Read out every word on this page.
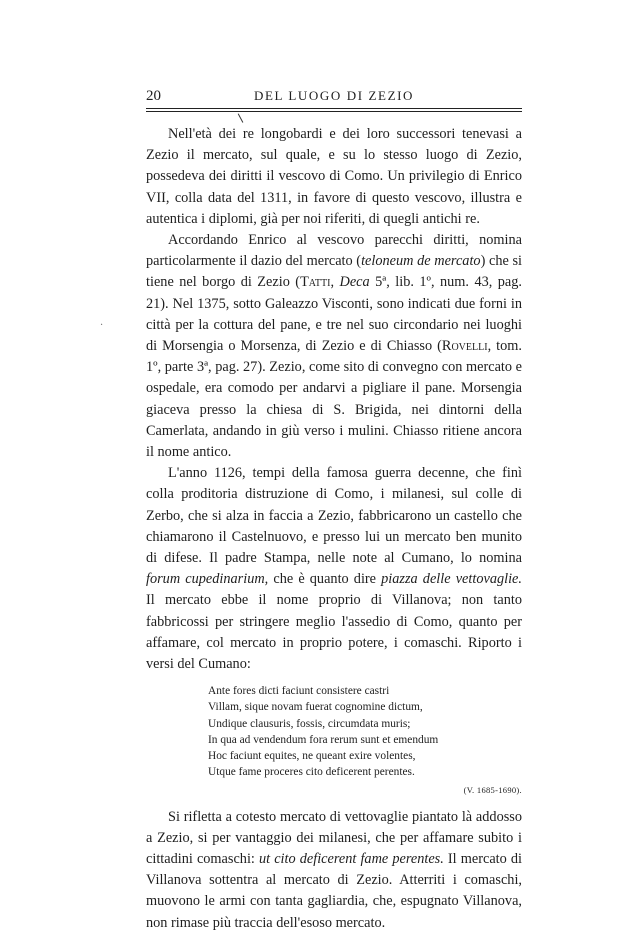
20	DEL LUOGO DI ZEZIO
·

Nell'età dei re longobardi e dei loro successori tenevasi a Zezio il mercato, sul quale, e su lo stesso luogo di Zezio, possedeva dei diritti il vescovo di Como. Un privilegio di Enrico VII, colla data del 1311, in favore di questo vescovo, illustra e autentica i diplomi, già per noi riferiti, di quegli antichi re.

Accordando Enrico al vescovo parecchi diritti, nomina particolarmente il dazio del mercato (teloneum de mercato) che si tiene nel borgo di Zezio (Tatti, Deca 5ª, lib. 1º, num. 43, pag. 21). Nel 1375, sotto Galeazzo Visconti, sono indicati due forni in città per la cottura del pane, e tre nel suo circondario nei luoghi di Morsengia o Morsenza, di Zezio e di Chiasso (Rovelli, tom. 1º, parte 3ª, pag. 27). Zezio, come sito di convegno con mercato e ospedale, era comodo per andarvi a pigliare il pane. Morsengia giaceva presso la chiesa di S. Brigida, nei dintorni della Camerlata, andando in giù verso i mulini. Chiasso ritiene ancora il nome antico.

L'anno 1126, tempi della famosa guerra decenne, che finì colla proditoria distruzione di Como, i milanesi, sul colle di Zerbo, che si alza in faccia a Zezio, fabbricarono un castello che chiamarono il Castelnuovo, e presso lui un mercato ben munito di difese. Il padre Stampa, nelle note al Cumano, lo nomina forum cupedinarium, che è quanto dire piazza delle vettovaglie. Il mercato ebbe il nome proprio di Villanova; non tanto fabbricossi per stringere meglio l'assedio di Como, quanto per affamare, col mercato in proprio potere, i comaschi. Riporto i versi del Cumano:

Ante fores dicti faciunt consistere castri
Villam, sique novam fuerat cognomine dictum,
Undique clausuris, fossis, circumdata muris;
In qua ad vendendum fora rerum sunt et emendum
Hoc faciunt equites, ne queant exire volentes,
Utque fame proceres cito deficerent perentes.
(V. 1685-1690).

Si rifletta a cotesto mercato di vettovaglie piantato là addosso a Zezio, si per vantaggio dei milanesi, che per affamare subito i cittadini comaschi: ut cito deficerent fame perentes. Il mercato di Villanova sottentra al mercato di Zezio. Atterriti i comaschi, muovono le armi con tanta gagliardia, che, espugnato Villanova, non rimase più traccia dell'esoso mercato.
